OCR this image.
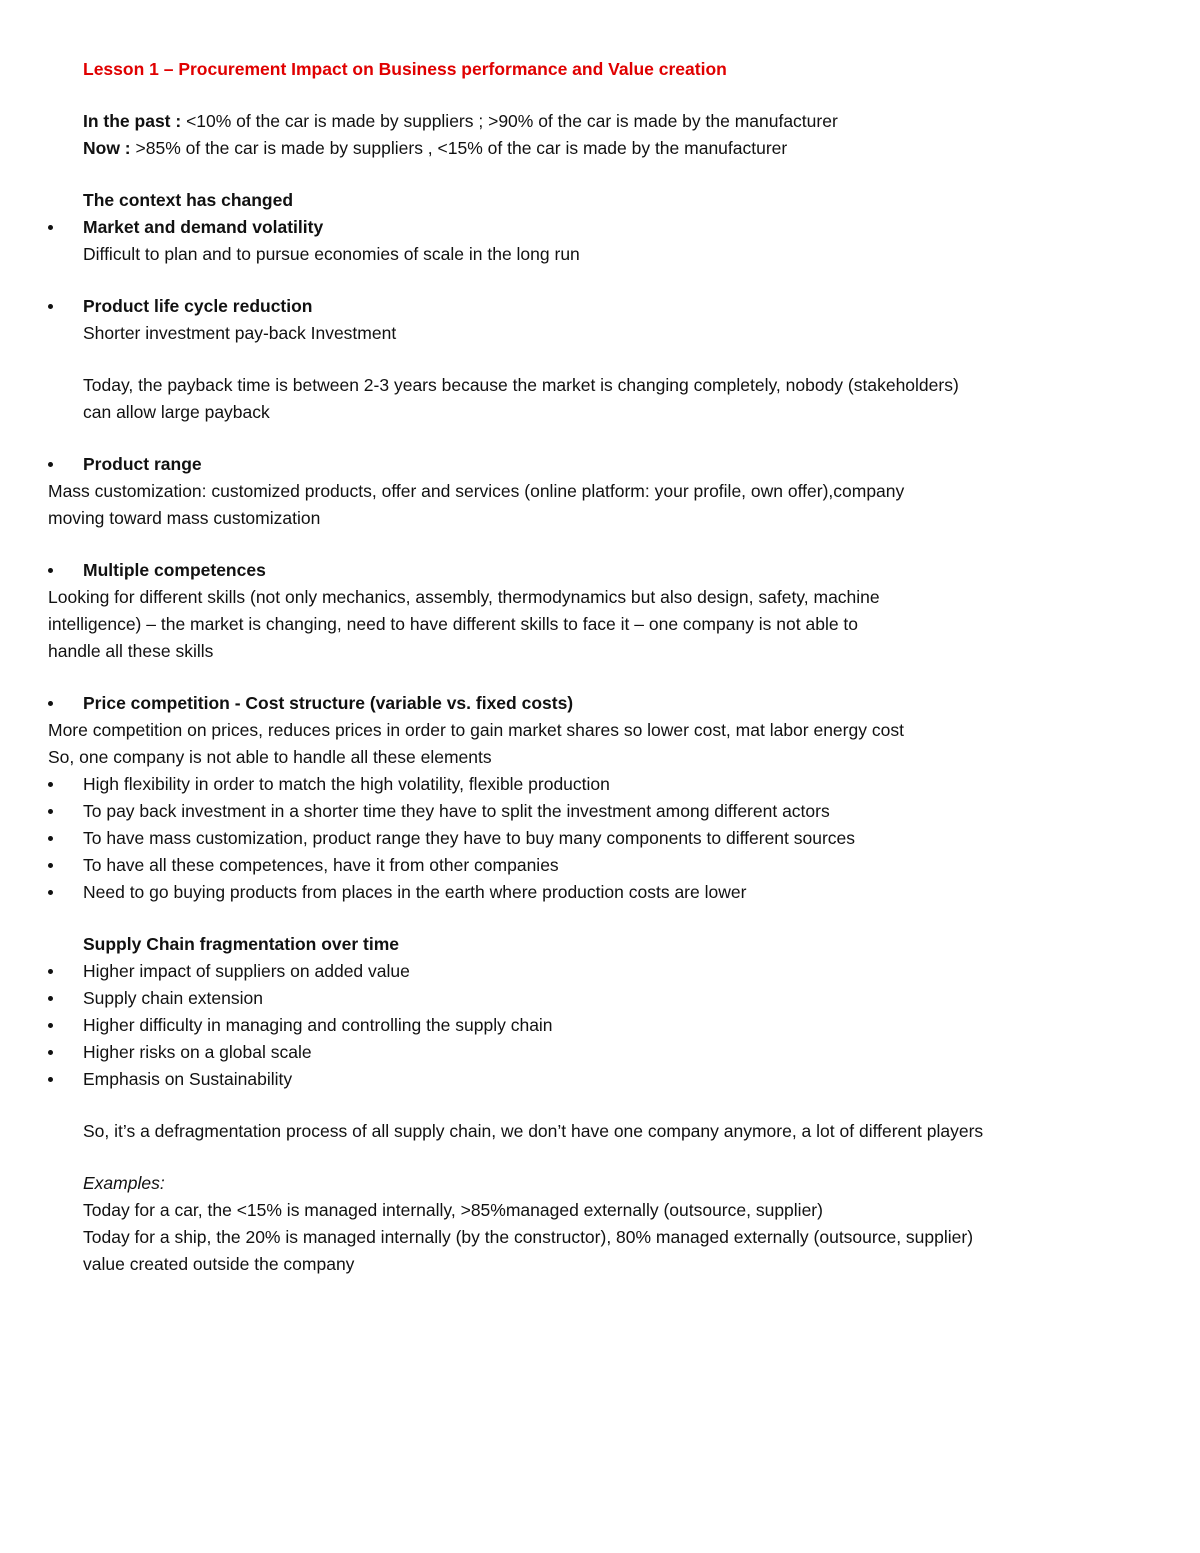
Lesson 1 – Procurement Impact on Business performance and Value creation
In the past : <10% of the car is made by suppliers ; >90% of the car is made by the manufacturer
Now : >85% of the car is made by suppliers , <15% of the car is made by the manufacturer
The context has changed
Market and demand volatility
Difficult to plan and to pursue economies of scale in the long run
Product life cycle reduction
Shorter investment pay-back Investment
Today, the payback time is between 2-3 years because the market is changing completely, nobody (stakeholders)
can allow large payback
Product range
Mass customization: customized products, offer and services (online platform: your profile, own offer),company
moving toward mass customization
Multiple competences
Looking for different skills (not only mechanics, assembly, thermodynamics but also design, safety, machine
intelligence) – the market is changing, need to have different skills to face it – one company is not able to
handle all these skills
Price competition - Cost structure (variable vs. fixed costs)
More competition on prices, reduces prices in order to gain market shares so lower cost, mat labor energy cost
So, one company is not able to handle all these elements
High flexibility in order to match the high volatility, flexible production
To pay back investment in a shorter time they have to split the investment among different actors
To have mass customization, product range they have to buy many components to different sources
To have all these competences, have it from other companies
Need to go buying products from places in the earth where production costs are lower
Supply Chain fragmentation over time
Higher impact of suppliers on added value
Supply chain extension
Higher difficulty in managing and controlling the supply chain
Higher risks on a global scale
Emphasis on Sustainability
So, it’s a defragmentation process of all supply chain, we don’t have one company anymore, a lot of different players
Examples:
Today for a car, the <15% is managed internally, >85%managed externally (outsource, supplier)
Today for a ship, the 20% is managed internally (by the constructor), 80% managed externally (outsource, supplier)
value created outside the company
